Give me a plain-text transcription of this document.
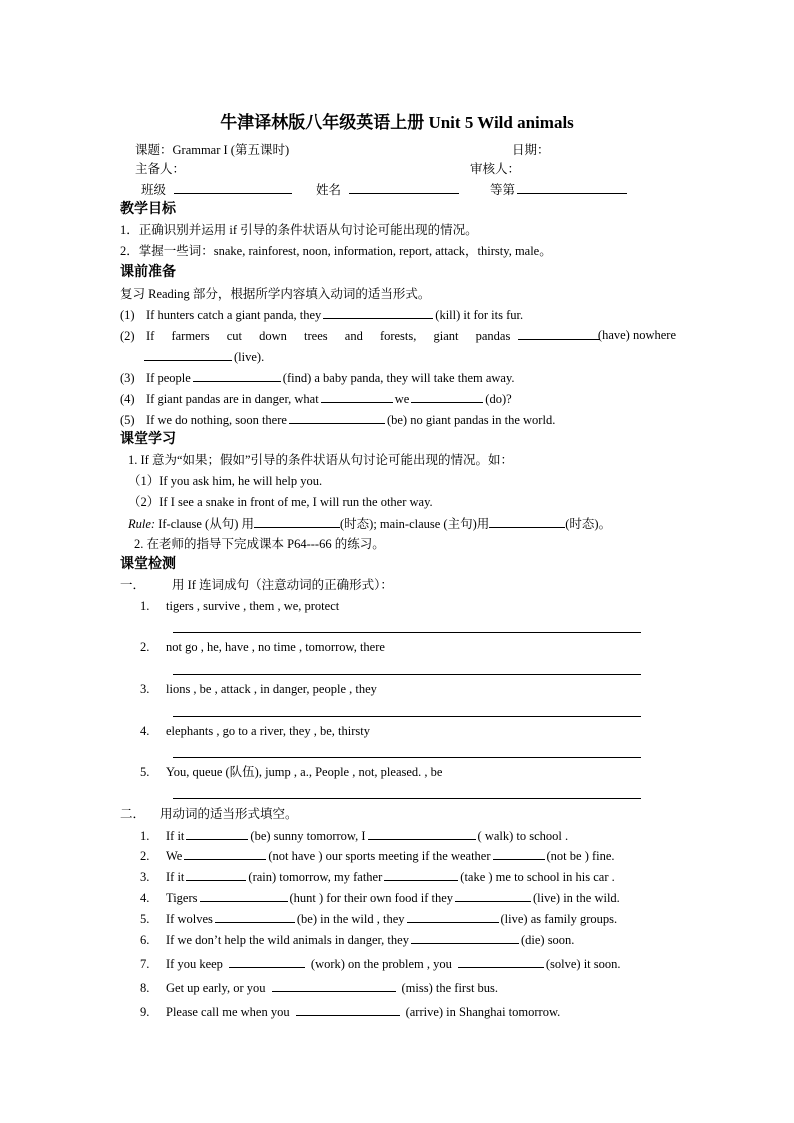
牛津译林版八年级英语上册 Unit 5 Wild animals
课题：Grammar I (第五课时)	日期：
主备人：	审核人：
班级	姓名	等第
教学目标
1．正确识别并运用 if 引导的条件状语从句讨论可能出现的情况。
2．掌握一些词：snake, rainforest, noon, information, report, attack，thirsty, male。
课前准备
复习 Reading 部分，根据所学内容填入动词的适当形式。
(1) If hunters catch a giant panda, they	(kill) it for its fur.
(2) If farmers cut down trees and forests, giant pandas	(have) nowhere
(live).
(3) If people	(find) a baby panda, they will take them away.
(4) If giant pandas are in danger, what	we	(do)?
(5) If we do nothing, soon there	(be) no giant pandas in the world.
课堂学习
1. If 意为“如果；假如”引导的条件状语从句讨论可能出现的情况。如：
（1）If you ask him, he will help you.
（2）If I see a snake in front of me, I will run the other way.
Rule: If-clause (从句) 用	(时态); main-clause (主句)用	(时态)。
2. 在老师的指导下完成课本 P64---66 的练习。
课堂检测
一． 用 If 连词成句（注意动词的正确形式）：
1. tigers , survive , them , we, protect
2. not go , he, have , no time , tomorrow, there
3. lions , be , attack , in danger, people , they
4. elephants , go to a river, they , be, thirsty
5. You, queue (队伍), jump , a., People , not, pleased. , be
二． 用动词的适当形式填空。
1. If it	(be) sunny tomorrow, I	( walk) to school .
2. We	(not have ) our sports meeting if the weather	(not be ) fine.
3. If it	(rain) tomorrow, my father	(take ) me to school in his car .
4. Tigers	(hunt ) for their own food if they	(live) in the wild.
5. If wolves	(be) in the wild , they	(live) as family groups.
6. If we don’t help the wild animals in danger, they	(die) soon.
7. If you keep	(work) on the problem , you	(solve) it soon.
8. Get up early, or you	(miss) the first bus.
9. Please call me when you	(arrive) in Shanghai tomorrow.
